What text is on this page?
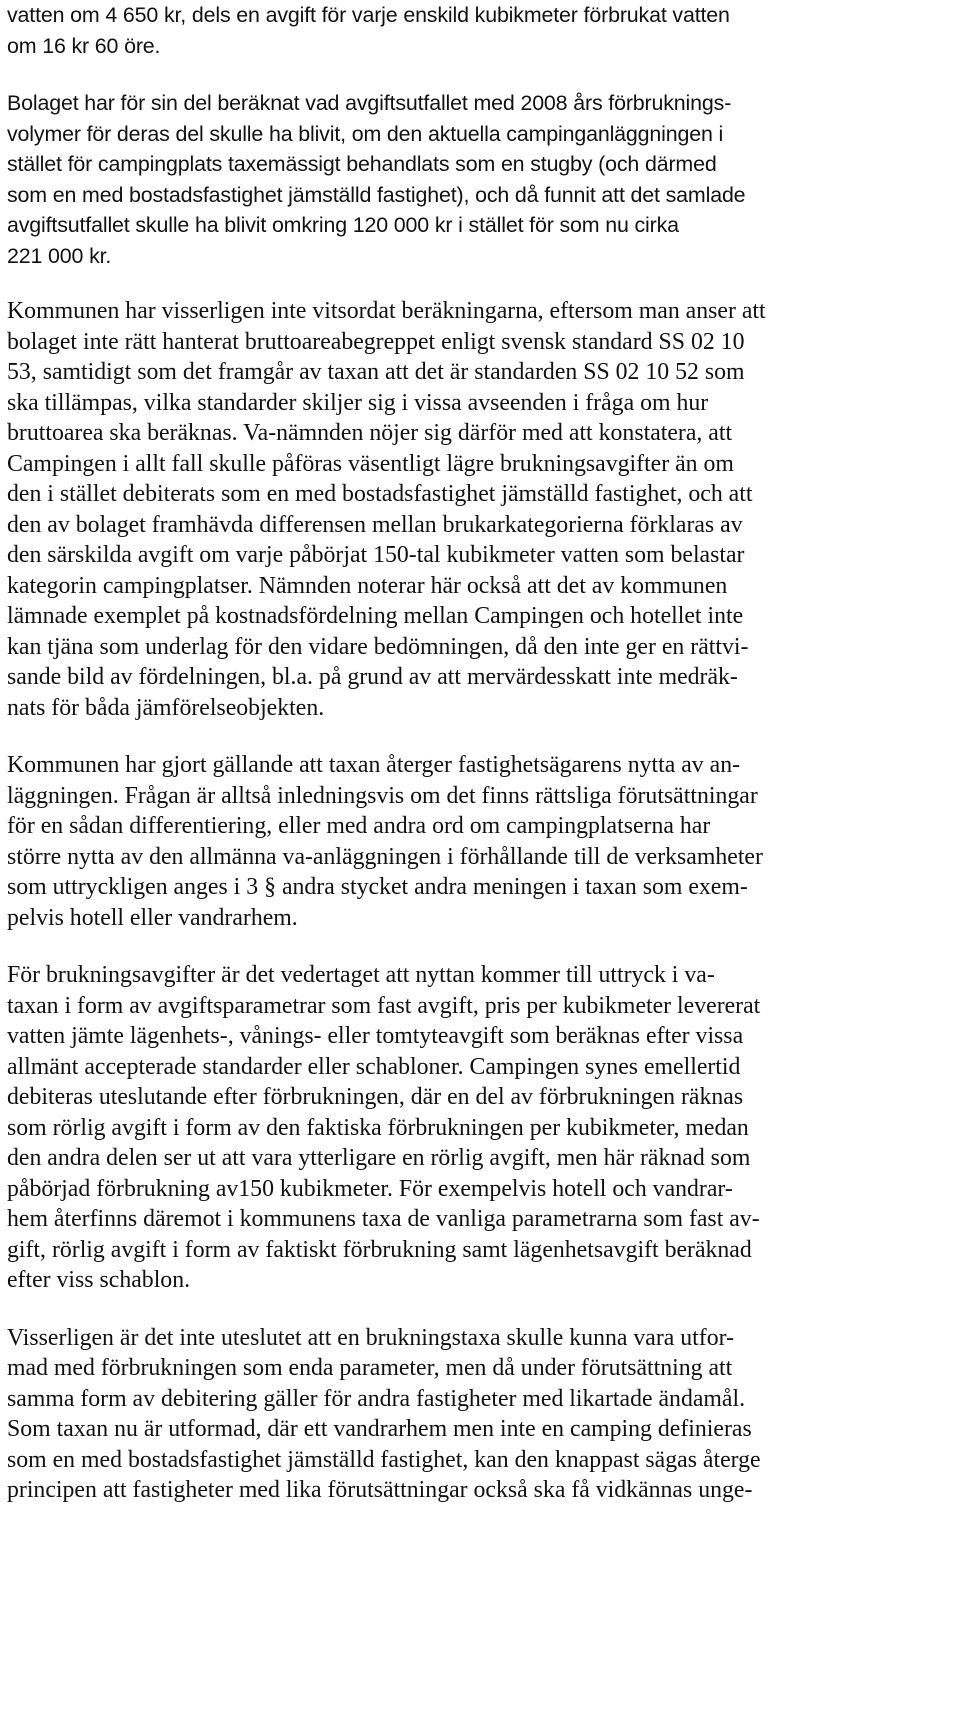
vatten om 4 650 kr, dels en avgift för varje enskild kubikmeter förbrukat vatten
om 16 kr 60 öre.
Bolaget har för sin del beräknat vad avgiftsutfallet med 2008 års förbruknings-
volymer för deras del skulle ha blivit, om den aktuella campinganläggningen i
stället för campingplats taxemässigt behandlats som en stugby (och därmed
som en med bostadsfastighet jämställd fastighet), och då funnit att det samlade
avgiftsutfallet skulle ha blivit omkring 120 000 kr i stället för som nu cirka
221 000 kr.
Kommunen har visserligen inte vitsordat beräkningarna, eftersom man anser att
bolaget inte rätt hanterat bruttoareabegreppet enligt svensk standard SS 02 10
53, samtidigt som det framgår av taxan att det är standarden SS 02 10 52 som
ska tillämpas, vilka standarder skiljer sig i vissa avseenden i fråga om hur
bruttoarea ska beräknas. Va-nämnden nöjer sig därför med att konstatera, att
Campingen i allt fall skulle påföras väsentligt lägre brukningsavgifter än om
den i stället debiterats som en med bostadsfastighet jämställd fastighet, och att
den av bolaget framhävda differensen mellan brukarkategorierna förklaras av
den särskilda avgift om varje påbörjat 150-tal kubikmeter vatten som belastar
kategorin campingplatser. Nämnden noterar här också att det av kommunen
lämnade exemplet på kostnadsfördelning mellan Campingen och hotellet inte
kan tjäna som underlag för den vidare bedömningen, då den inte ger en rättvi-
sande bild av fördelningen, bl.a. på grund av att mervärdesskatt inte medräk-
nats för båda jämförelseobjekten.
Kommunen har gjort gällande att taxan återger fastighetsägarens nytta av an-
läggningen. Frågan är alltså inledningsvis om det finns rättsliga förutsättningar
för en sådan differentiering, eller med andra ord om campingplatserna har
större nytta av den allmänna va-anläggningen i förhållande till de verksamheter
som uttryckligen anges i 3 § andra stycket andra meningen i taxan som exem-
pelvis hotell eller vandrarhem.
För brukningsavgifter är det vedertaget att nyttan kommer till uttryck i va-
taxan i form av avgiftsparametrar som fast avgift, pris per kubikmeter levererat
vatten jämte lägenhets-, vånings- eller tomtyteavgift som beräknas efter vissa
allmänt accepterade standarder eller schabloner. Campingen synes emellertid
debiteras uteslutande efter förbrukningen, där en del av förbrukningen räknas
som rörlig avgift i form av den faktiska förbrukningen per kubikmeter, medan
den andra delen ser ut att vara ytterligare en rörlig avgift, men här räknad som
påbörjad förbrukning av150 kubikmeter. För exempelvis hotell och vandrar-
hem återfinns däremot i kommunens taxa de vanliga parametrarna som fast av-
gift, rörlig avgift i form av faktiskt förbrukning samt lägenhetsavgift beräknad
efter viss schablon.
Visserligen är det inte uteslutet att en brukningstaxa skulle kunna vara utfor-
mad med förbrukningen som enda parameter, men då under förutsättning att
samma form av debitering gäller för andra fastigheter med likartade ändamål.
Som taxan nu är utformad, där ett vandrarhem men inte en camping definieras
som en med bostadsfastighet jämställd fastighet, kan den knappast sägas återge
principen att fastigheter med lika förutsättningar också ska få vidkännas unge-
